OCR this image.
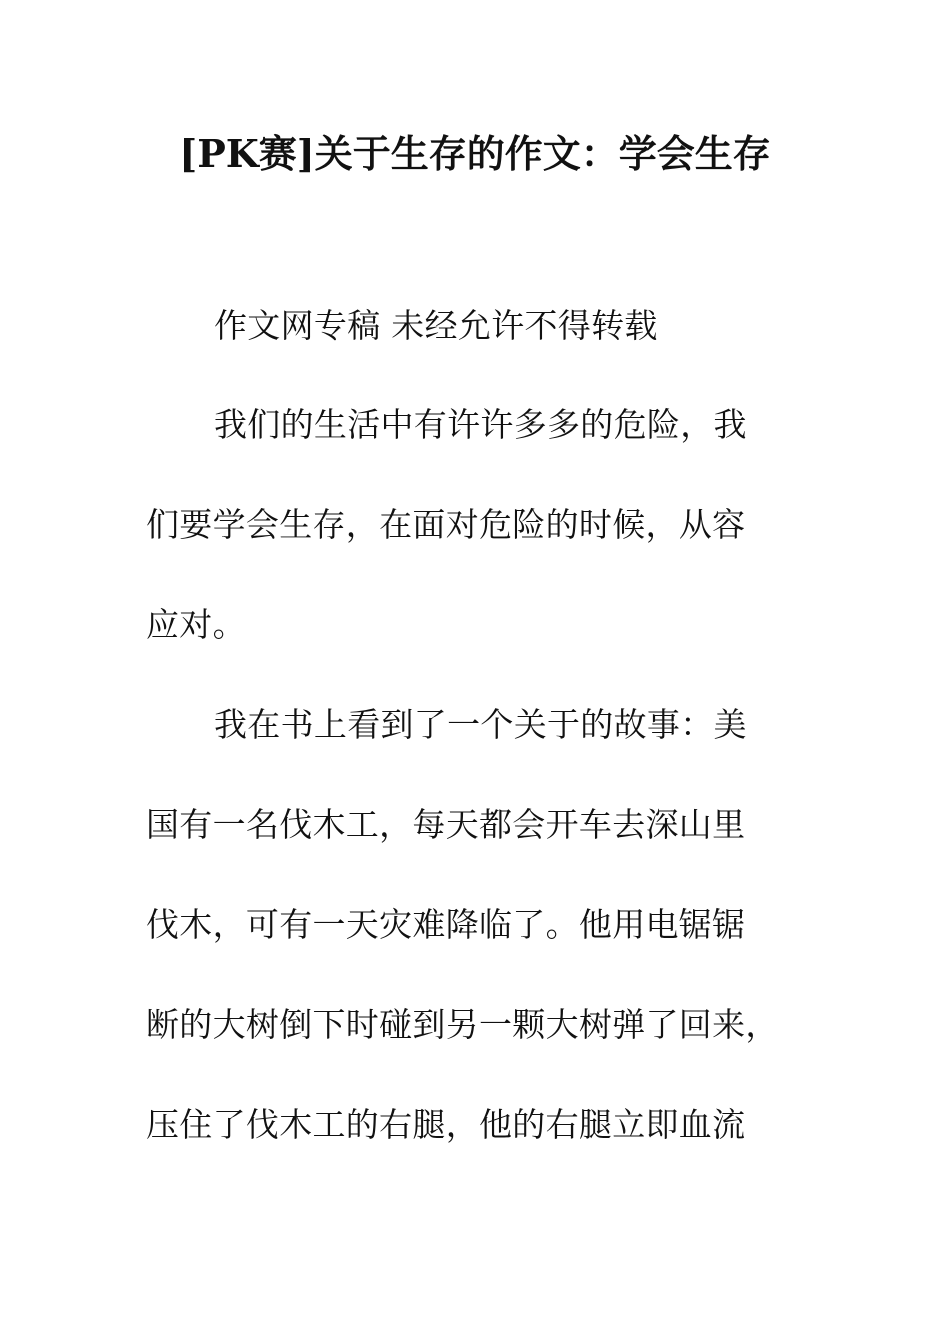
[PK赛]关于生存的作文：学会生存
作文网专稿 未经允许不得转载
我们的生活中有许许多多的危险，我
们要学会生存，在面对危险的时候，从容
应对。
我在书上看到了一个关于的故事：美
国有一名伐木工，每天都会开车去深山里
伐木，可有一天灾难降临了。他用电锯锯
断的大树倒下时碰到另一颗大树弹了回来，
压住了伐木工的右腿，他的右腿立即血流
